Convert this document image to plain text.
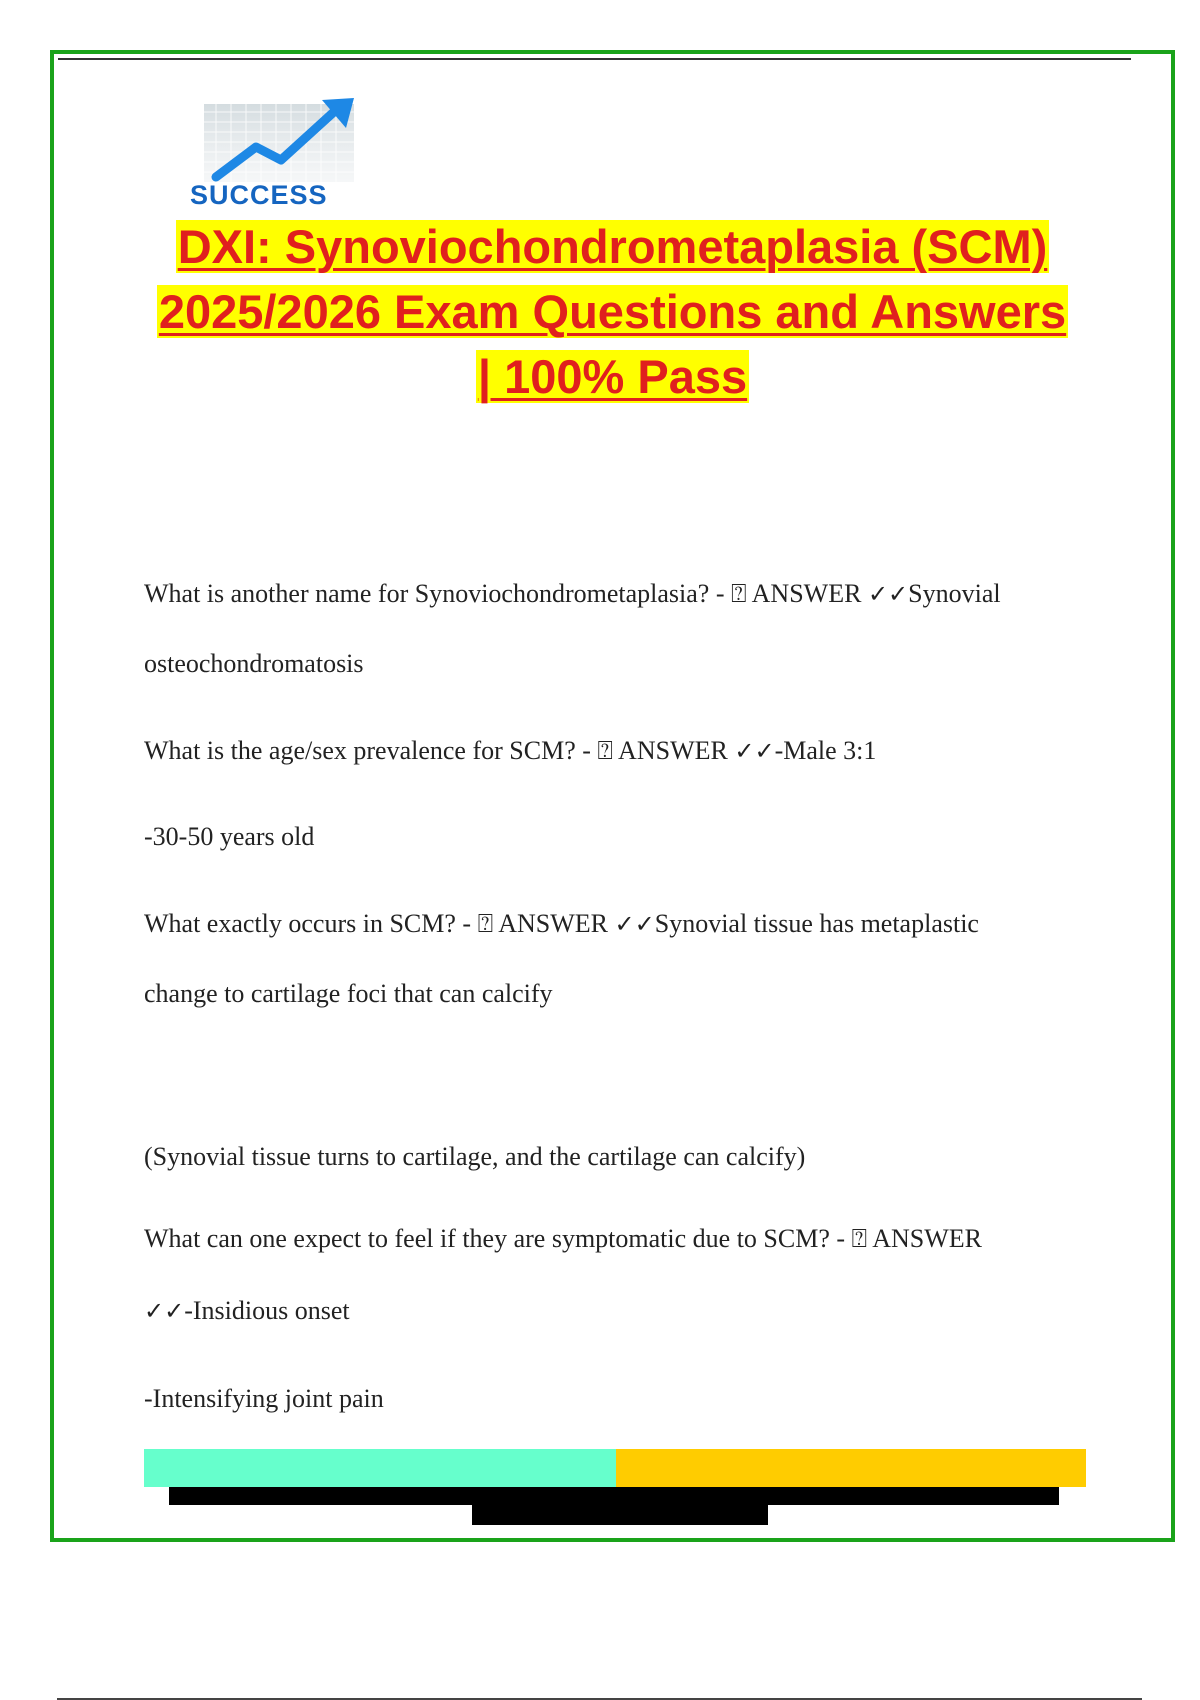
SUCCESS
DXI: Synoviochondrometaplasia (SCM)
2025/2026 Exam Questions and Answers
| 100% Pass
What is another name for Synoviochondrometaplasia? - ⍰ ANSWER ✓✓Synovial
osteochondromatosis
What is the age/sex prevalence for SCM? - ⍰ ANSWER ✓✓-Male 3:1
-30-50 years old
What exactly occurs in SCM? - ⍰ ANSWER ✓✓Synovial tissue has metaplastic
change to cartilage foci that can calcify
(Synovial tissue turns to cartilage, and the cartilage can calcify)
What can one expect to feel if they are symptomatic due to SCM? - ⍰ ANSWER
✓✓-Insidious onset
-Intensifying joint pain
